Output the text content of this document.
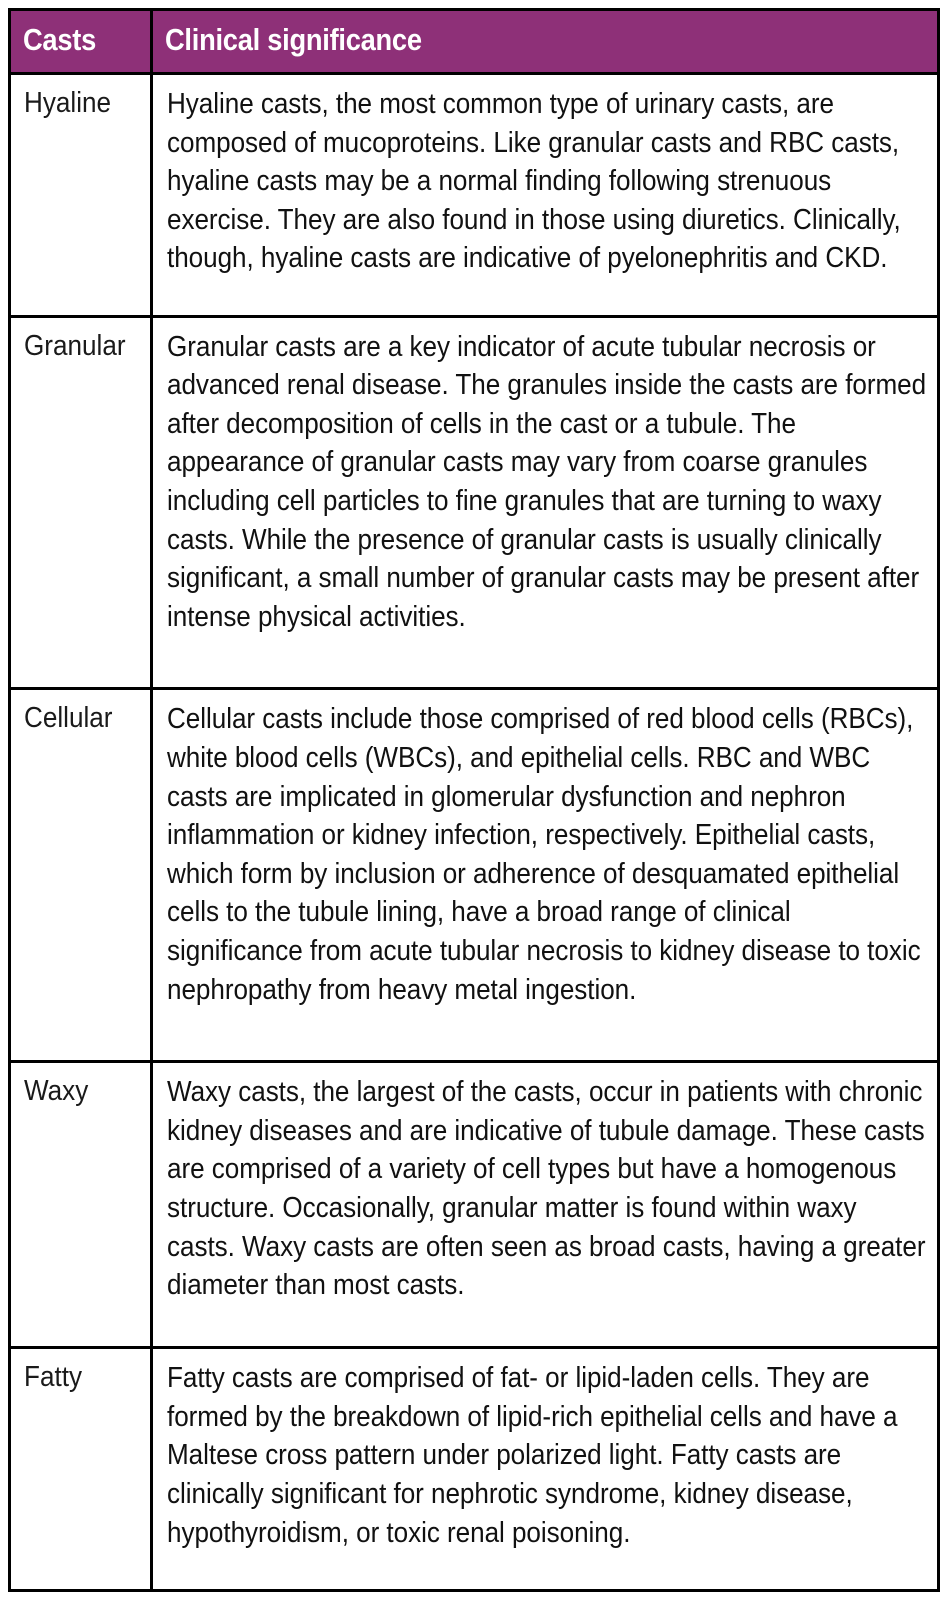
Casts	Clinical significance
Hyaline	Hyaline casts, the most common type of urinary casts, are composed of mucoproteins. Like granular casts and RBC casts, hyaline casts may be a normal finding following strenuous exercise. They are also found in those using diuretics. Clinically, though, hyaline casts are indicative of pyelonephritis and CKD.

Granular	Granular casts are a key indicator of acute tubular necrosis or advanced renal disease. The granules inside the casts are formed after decomposition of cells in the cast or a tubule. The appearance of granular casts may vary from coarse granules including cell particles to fine granules that are turning to waxy casts. While the presence of granular casts is usually clinically significant, a small number of granular casts may be present after intense physical activities.

Cellular	Cellular casts include those comprised of red blood cells (RBCs), white blood cells (WBCs), and epithelial cells. RBC and WBC casts are implicated in glomerular dysfunction and nephron inflammation or kidney infection, respectively. Epithelial casts, which form by inclusion or adherence of desquamated epithelial cells to the tubule lining, have a broad range of clinical significance from acute tubular necrosis to kidney disease to toxic nephropathy from heavy metal ingestion.

Waxy	Waxy casts, the largest of the casts, occur in patients with chronic kidney diseases and are indicative of tubule damage. These casts are comprised of a variety of cell types but have a homogenous structure. Occasionally, granular matter is found within waxy casts. Waxy casts are often seen as broad casts, having a greater diameter than most casts.

Fatty	Fatty casts are comprised of fat- or lipid-laden cells. They are formed by the breakdown of lipid-rich epithelial cells and have a Maltese cross pattern under polarized light. Fatty casts are clinically significant for nephrotic syndrome, kidney disease, hypothyroidism, or toxic renal poisoning.
